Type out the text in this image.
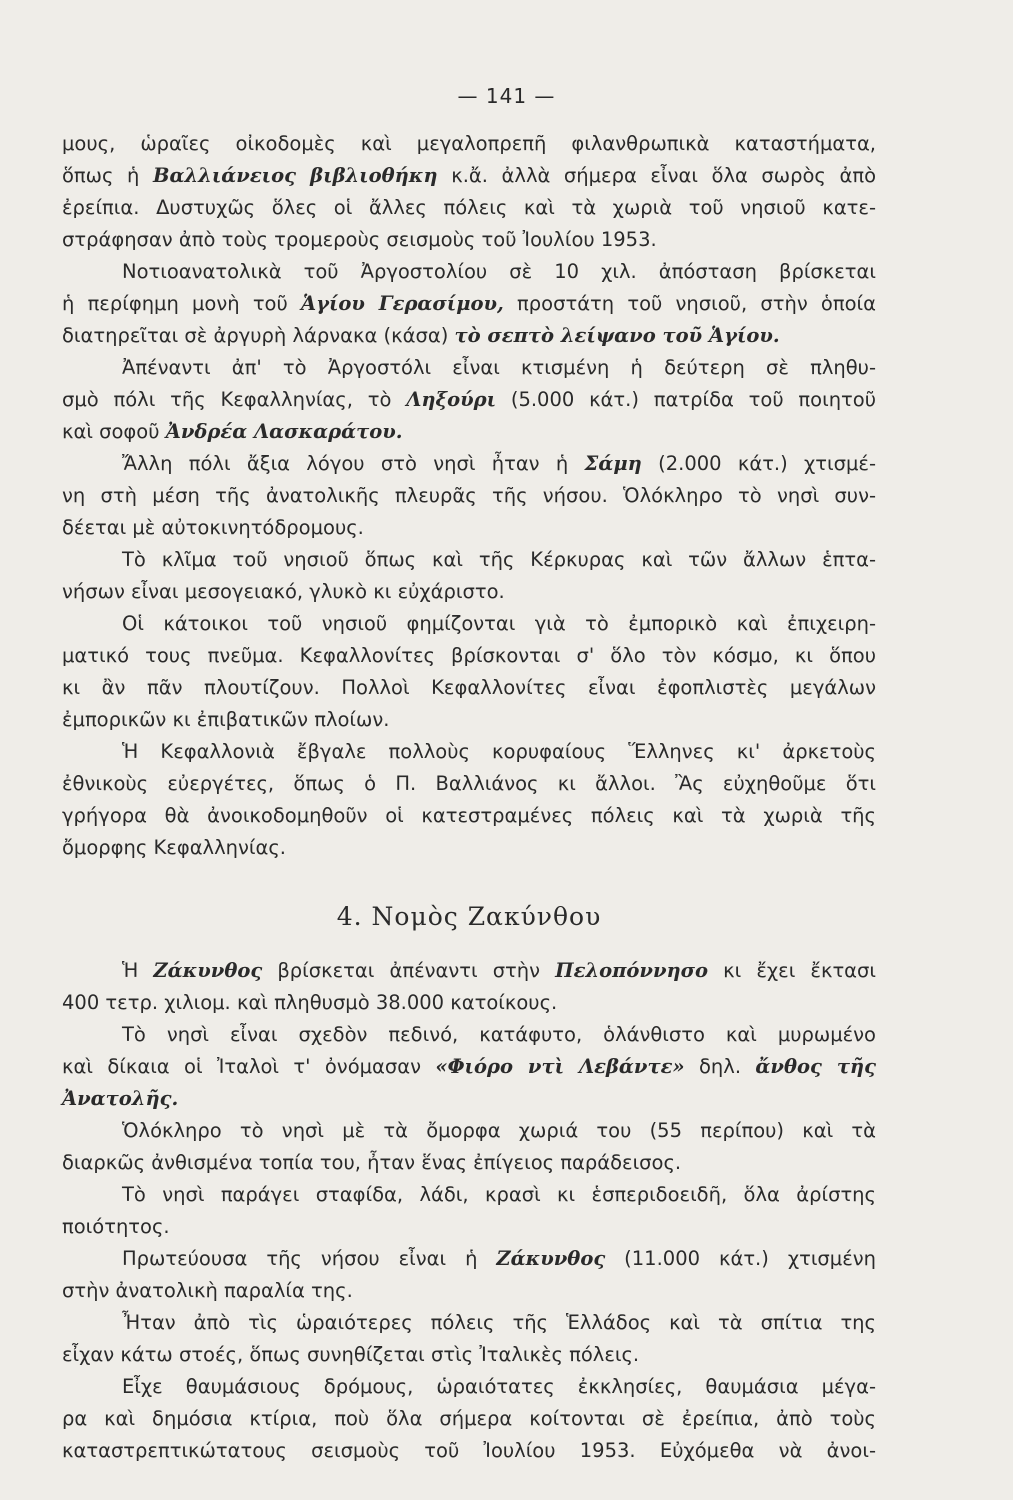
— 141 —
μους, ὡραῖες οἰκοδομὲς καὶ μεγαλοπρεπῆ φιλανθρωπικὰ καταστήματα,
ὅπως ἡ Βαλλιάνειος βιβλιοθήκη κ.ἄ. ἀλλὰ σήμερα εἶναι ὅλα σωρὸς ἀπὸ
ἐρείπια. Δυστυχῶς ὅλες οἱ ἄλλες πόλεις καὶ τὰ χωριὰ τοῦ νησιοῦ κατε-
στράφησαν ἀπὸ τοὺς τρομεροὺς σεισμοὺς τοῦ Ἰουλίου 1953.
Νοτιοανατολικὰ τοῦ Ἀργοστολίου σὲ 10 χιλ. ἀπόσταση βρίσκεται
ἡ περίφημη μονὴ τοῦ Ἁγίου Γερασίμου, προστάτη τοῦ νησιοῦ, στὴν ὁποία
διατηρεῖται σὲ ἀργυρὴ λάρνακα (κάσα) τὸ σεπτὸ λείψανο τοῦ Ἁγίου.
Ἀπέναντι ἀπ' τὸ Ἀργοστόλι εἶναι κτισμένη ἡ δεύτερη σὲ πληθυ-
σμὸ πόλι τῆς Κεφαλληνίας, τὸ Ληξούρι (5.000 κάτ.) πατρίδα τοῦ ποιητοῦ
καὶ σοφοῦ Ἀνδρέα Λασκαράτου.
Ἄλλη πόλι ἄξια λόγου στὸ νησὶ ἦταν ἡ Σάμη (2.000 κάτ.) χτισμέ-
νη στὴ μέση τῆς ἀνατολικῆς πλευρᾶς τῆς νήσου. Ὁλόκληρο τὸ νησὶ συν-
δέεται μὲ αὐτοκινητόδρομους.
Τὸ κλῖμα τοῦ νησιοῦ ὅπως καὶ τῆς Κέρκυρας καὶ τῶν ἄλλων ἑπτα-
νήσων εἶναι μεσογειακό, γλυκὸ κι εὐχάριστο.
Οἱ κάτοικοι τοῦ νησιοῦ φημίζονται γιὰ τὸ ἐμπορικὸ καὶ ἐπιχειρη-
ματικό τους πνεῦμα. Κεφαλλονίτες βρίσκονται σ' ὅλο τὸν κόσμο, κι ὅπου
κι ἂν πᾶν πλουτίζουν. Πολλοὶ Κεφαλλονίτες εἶναι ἐφοπλιστὲς μεγάλων
ἐμπορικῶν κι ἐπιβατικῶν πλοίων.
Ἡ Κεφαλλονιὰ ἔβγαλε πολλοὺς κορυφαίους Ἕλληνες κι' ἀρκετοὺς
ἐθνικοὺς εὐεργέτες, ὅπως ὁ Π. Βαλλιάνος κι ἄλλοι. Ἂς εὐχηθοῦμε ὅτι
γρήγορα θὰ ἀνοικοδομηθοῦν οἱ κατεστραμένες πόλεις καὶ τὰ χωριὰ τῆς
ὄμορφης Κεφαλληνίας.
4. Νομὸς Ζακύνθου
Ἡ Ζάκυνθος βρίσκεται ἀπέναντι στὴν Πελοπόννησο κι ἔχει ἔκτασι
400 τετρ. χιλιομ. καὶ πληθυσμὸ 38.000 κατοίκους.
Τὸ νησὶ εἶναι σχεδὸν πεδινό, κατάφυτο, ὁλάνθιστο καὶ μυρωμένο
καὶ δίκαια οἱ Ἰταλοὶ τ' ὀνόμασαν «Φιόρο ντὶ Λεβάντε» δηλ. ἄνθος τῆς
Ἀνατολῆς.
Ὁλόκληρο τὸ νησὶ μὲ τὰ ὄμορφα χωριά του (55 περίπου) καὶ τὰ
διαρκῶς ἀνθισμένα τοπία του, ἦταν ἕνας ἐπίγειος παράδεισος.
Τὸ νησὶ παράγει σταφίδα, λάδι, κρασὶ κι ἑσπεριδοειδῆ, ὅλα ἀρίστης
ποιότητος.
Πρωτεύουσα τῆς νήσου εἶναι ἡ Ζάκυνθος (11.000 κάτ.) χτισμένη
στὴν ἀνατολικὴ παραλία της.
Ἦταν ἀπὸ τὶς ὡραιότερες πόλεις τῆς Ἑλλάδος καὶ τὰ σπίτια της
εἶχαν κάτω στοές, ὅπως συνηθίζεται στὶς Ἰταλικὲς πόλεις.
Εἶχε θαυμάσιους δρόμους, ὡραιότατες ἐκκλησίες, θαυμάσια μέγα-
ρα καὶ δημόσια κτίρια, ποὺ ὅλα σήμερα κοίτονται σὲ ἐρείπια, ἀπὸ τοὺς
καταστρεπτικώτατους σεισμοὺς τοῦ Ἰουλίου 1953. Εὐχόμεθα νὰ ἀνοι-
